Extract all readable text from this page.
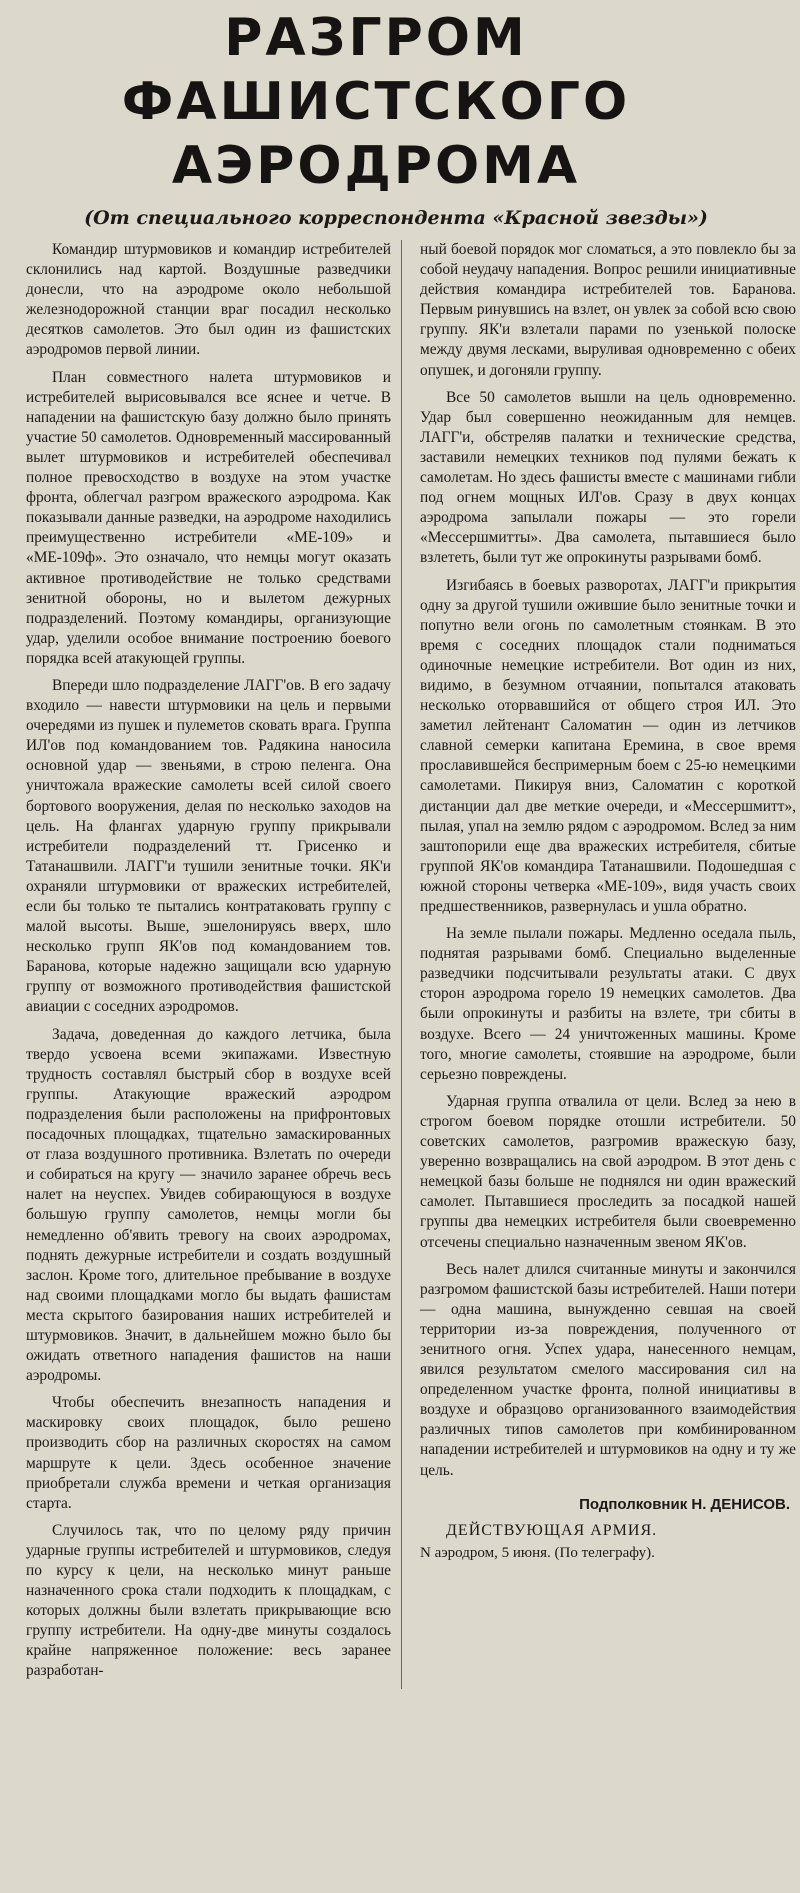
РАЗГРОМ ФАШИСТСКОГО
АЭРОДРОМА
(От специального корреспондента «Красной звезды»)

Командир штурмовиков и командир истребителей склонились над картой. Воздушные разведчики донесли, что на аэродроме около небольшой железнодорожной станции враг посадил несколько десятков самолетов. Это был один из фашистских аэродромов первой линии.

План совместного налета штурмовиков и истребителей вырисовывался все яснее и четче. В нападении на фашистскую базу должно было принять участие 50 самолетов. Одновременный массированный вылет штурмовиков и истребителей обеспечивал полное превосходство в воздухе на этом участке фронта, облегчал разгром вражеского аэродрома. Как показывали данные разведки, на аэродроме находились преимущественно истребители «МЕ-109» и «МЕ-109ф». Это означало, что немцы могут оказать активное противодействие не только средствами зенитной обороны, но и вылетом дежурных подразделений. Поэтому командиры, организующие удар, уделили особое внимание построению боевого порядка всей атакующей группы.

Впереди шло подразделение ЛАГГ'ов. В его задачу входило — навести штурмовики на цель и первыми очередями из пушек и пулеметов сковать врага. Группа ИЛ'ов под командованием тов. Радякина наносила основной удар — звеньями, в строю пеленга. Она уничтожала вражеские самолеты всей силой своего бортового вооружения, делая по несколько заходов на цель. На флангах ударную группу прикрывали истребители подразделений тт. Грисенко и Татанашвили. ЛАГГ'и тушили зенитные точки. ЯК'и охраняли штурмовики от вражеских истребителей, если бы только те пытались контратаковать группу с малой высоты. Выше, эшелонируясь вверх, шло несколько групп ЯК'ов под командованием тов. Баранова, которые надежно защищали всю ударную группу от возможного противодействия фашистской авиации с соседних аэродромов.

Задача, доведенная до каждого летчика, была твердо усвоена всеми экипажами. Известную трудность составлял быстрый сбор в воздухе всей группы. Атакующие вражеский аэродром подразделения были расположены на прифронтовых посадочных площадках, тщательно замаскированных от глаза воздушного противника. Взлетать по очереди и собираться на кругу — значило заранее обречь весь налет на неуспех. Увидев собирающуюся в воздухе большую группу самолетов, немцы могли бы немедленно об'явить тревогу на своих аэродромах, поднять дежурные истребители и создать воздушный заслон. Кроме того, длительное пребывание в воздухе над своими площадками могло бы выдать фашистам места скрытого базирования наших истребителей и штурмовиков. Значит, в дальнейшем можно было бы ожидать ответного нападения фашистов на наши аэродромы.

Чтобы обеспечить внезапность нападения и маскировку своих площадок, было решено производить сбор на различных скоростях на самом маршруте к цели. Здесь особенное значение приобретали служба времени и четкая организация старта.

Случилось так, что по целому ряду причин ударные группы истребителей и штурмовиков, следуя по курсу к цели, на несколько минут раньше назначенного срока стали подходить к площадкам, с которых должны были взлетать прикрывающие всю группу истребители. На одну-две минуты создалось крайне напряженное положение: весь заранее разработан-

ный боевой порядок мог сломаться, а это повлекло бы за собой неудачу нападения. Вопрос решили инициативные действия командира истребителей тов. Баранова. Первым ринувшись на взлет, он увлек за собой всю свою группу. ЯК'и взлетали парами по узенькой полоске между двумя лесками, выруливая одновременно с обеих опушек, и догоняли группу.

Все 50 самолетов вышли на цель одновременно. Удар был совершенно неожиданным для немцев. ЛАГГ'и, обстреляв палатки и технические средства, заставили немецких техников под пулями бежать к самолетам. Но здесь фашисты вместе с машинами гибли под огнем мощных ИЛ'ов. Сразу в двух концах аэродрома запылали пожары — это горели «Мессершмитты». Два самолета, пытавшиеся было взлететь, были тут же опрокинуты разрывами бомб.

Изгибаясь в боевых разворотах, ЛАГГ'и прикрытия одну за другой тушили ожившие было зенитные точки и попутно вели огонь по самолетным стоянкам. В это время с соседних площадок стали подниматься одиночные немецкие истребители. Вот один из них, видимо, в безумном отчаянии, попытался атаковать несколько оторвавшийся от общего строя ИЛ. Это заметил лейтенант Саломатин — один из летчиков славной семерки капитана Еремина, в свое время прославившейся беспримерным боем с 25-ю немецкими самолетами. Пикируя вниз, Саломатин с короткой дистанции дал две меткие очереди, и «Мессершмитт», пылая, упал на землю рядом с аэродромом. Вслед за ним заштопорили еще два вражеских истребителя, сбитые группой ЯК'ов командира Татанашвили. Подошедшая с южной стороны четверка «МЕ-109», видя участь своих предшественников, развернулась и ушла обратно.

На земле пылали пожары. Медленно оседала пыль, поднятая разрывами бомб. Специально выделенные разведчики подсчитывали результаты атаки. С двух сторон аэродрома горело 19 немецких самолетов. Два были опрокинуты и разбиты на взлете, три сбиты в воздухе. Всего — 24 уничтоженных машины. Кроме того, многие самолеты, стоявшие на аэродроме, были серьезно повреждены.

Ударная группа отвалила от цели. Вслед за нею в строгом боевом порядке отошли истребители. 50 советских самолетов, разгромив вражескую базу, уверенно возвращались на свой аэродром. В этот день с немецкой базы больше не поднялся ни один вражеский самолет. Пытавшиеся проследить за посадкой нашей группы два немецких истребителя были своевременно отсечены специально назначенным звеном ЯК'ов.

Весь налет длился считанные минуты и закончился разгромом фашистской базы истребителей. Наши потери — одна машина, вынужденно севшая на своей территории из-за повреждения, полученного от зенитного огня. Успех удара, нанесенного немцам, явился результатом смелого массирования сил на определенном участке фронта, полной инициативы в воздухе и образцово организованного взаимодействия различных типов самолетов при комбинированном нападении истребителей и штурмовиков на одну и ту же цель.

Подполковник Н. ДЕНИСОВ.
ДЕЙСТВУЮЩАЯ АРМИЯ.
N аэродром, 5 июня. (По телеграфу).
